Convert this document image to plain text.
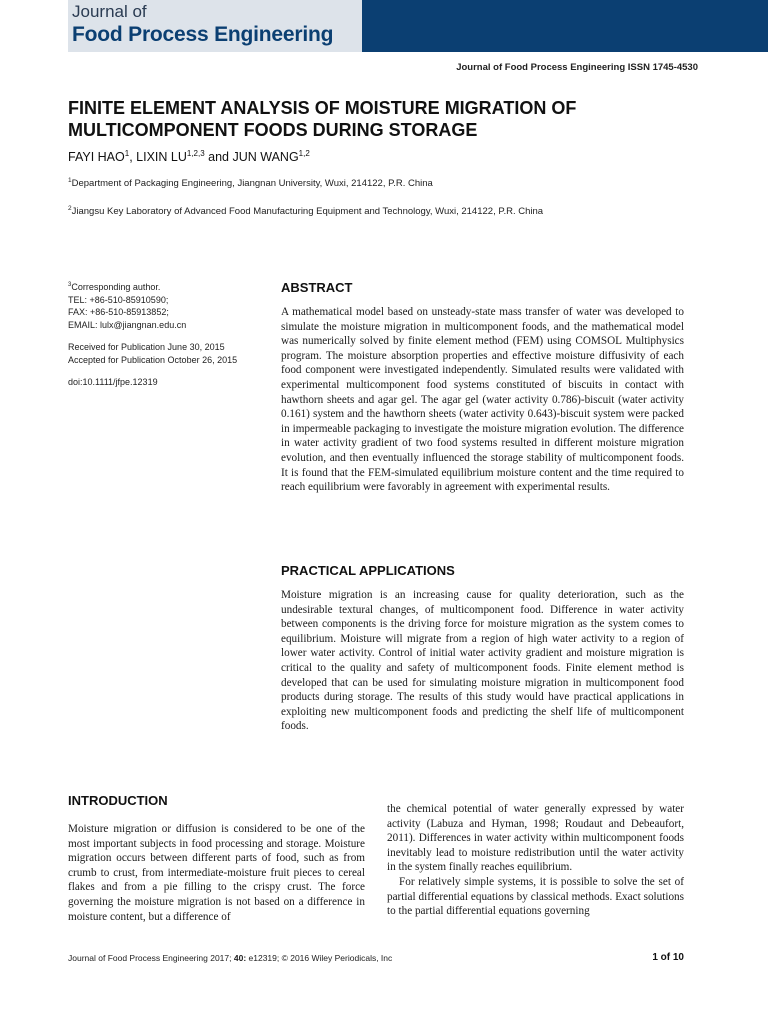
Journal of
Food Process Engineering
Journal of Food Process Engineering ISSN 1745-4530
FINITE ELEMENT ANALYSIS OF MOISTURE MIGRATION OF
MULTICOMPONENT FOODS DURING STORAGE
FAYI HAO$^1$, LIXIN LU$^{1,2,3}$ and JUN WANG$^{1,2}$
$^1$Department of Packaging Engineering, Jiangnan University, Wuxi, 214122, P.R. China
$^2$Jiangsu Key Laboratory of Advanced Food Manufacturing Equipment and Technology, Wuxi, 214122, P.R. China

$^3$Corresponding author.

TEL: +86-510-85910590;

FAX: +86-510-85913852;

EMAIL: lulx@jiangnan.edu.cn

Received for Publication June 30, 2015

Accepted for Publication October 26, 2015

doi:10.1111/jfpe.12319

ABSTRACT
A mathematical model based on unsteady-state mass transfer of water was developed to simulate the moisture migration in multicomponent foods, and the mathematical model was numerically solved by finite element method (FEM) using COMSOL Multiphysics program. The moisture absorption properties and effective moisture diffusivity of each food component were investigated independently. Simulated results were validated with experimental multicomponent food systems constituted of biscuits in contact with hawthorn sheets and agar gel. The agar gel (water activity 0.786)-biscuit (water activity 0.161) system and the hawthorn sheets (water activity 0.643)-biscuit system were packed in impermeable packaging to investigate the moisture migration evolution. The difference in water activity gradient of two food systems resulted in different moisture migration evolution, and then eventually influenced the storage stability of multicomponent foods. It is found that the FEM-simulated equilibrium moisture content and the time required to reach equilibrium were favorably in agreement with experimental results.
PRACTICAL APPLICATIONS
Moisture migration is an increasing cause for quality deterioration, such as the undesirable textural changes, of multicomponent food. Difference in water activity between components is the driving force for moisture migration as the system comes to equilibrium. Moisture will migrate from a region of high water activity to a region of lower water activity. Control of initial water activity gradient and moisture migration is critical to the quality and safety of multicomponent foods. Finite element method is developed that can be used for simulating moisture migration in multicomponent food products during storage. The results of this study would have practical applications in exploiting new multicomponent foods and predicting the shelf life of multicomponent foods.
INTRODUCTION
Moisture migration or diffusion is considered to be one of the most important subjects in food processing and storage. Moisture migration occurs between different parts of food, such as from crumb to crust, from intermediate-moisture fruit pieces to cereal flakes and from a pie filling to the crispy crust. The force governing the moisture migration is not based on a difference in moisture content, but a difference of

the chemical potential of water generally expressed by water activity (Labuza and Hyman, 1998; Roudaut and Debeaufort, 2011). Differences in water activity within multicomponent foods inevitably lead to moisture redistribution until the water activity in the system finally reaches equilibrium.

For relatively simple systems, it is possible to solve the set of partial differential equations by classical methods. Exact solutions to the partial differential equations governing

Journal of Food Process Engineering 2017; 40: e12319; © 2016 Wiley Periodicals, Inc	1 of 10
